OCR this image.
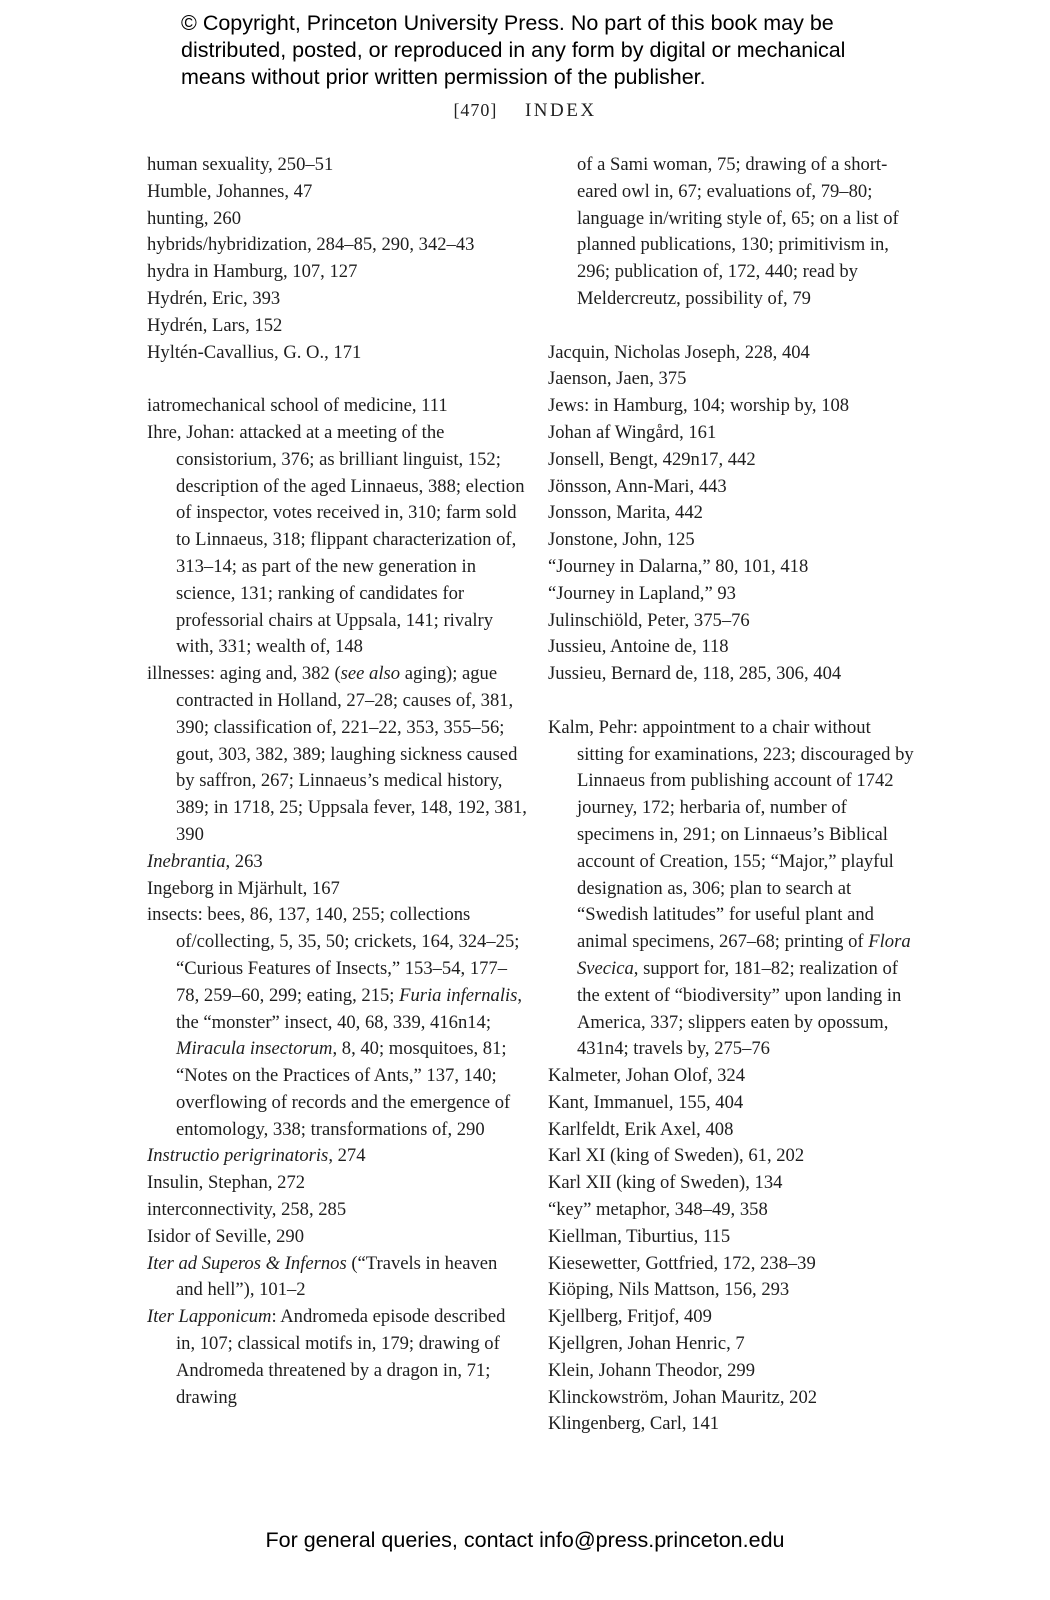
© Copyright, Princeton University Press. No part of this book may be
distributed, posted, or reproduced in any form by digital or mechanical
means without prior written permission of the publisher.
[470] INDEX

human sexuality, 250–51

Humble, Johannes, 47

hunting, 260

hybrids/hybridization, 284–85, 290, 342–43

hydra in Hamburg, 107, 127

Hydrén, Eric, 393

Hydrén, Lars, 152

Hyltén-Cavallius, G. O., 171

iatromechanical school of medicine, 111

Ihre, Johan: attacked at a meeting of the consistorium, 376; as brilliant linguist, 152; description of the aged Linnaeus, 388; election of inspector, votes received in, 310; farm sold to Linnaeus, 318; flippant characterization of, 313–14; as part of the new generation in science, 131; ranking of candidates for professorial chairs at Uppsala, 141; rivalry with, 331; wealth of, 148

illnesses: aging and, 382 (see also aging); ague contracted in Holland, 27–28; causes of, 381, 390; classification of, 221–22, 353, 355–56; gout, 303, 382, 389; laughing sickness caused by saffron, 267; Linnaeus’s medical history, 389; in 1718, 25; Uppsala fever, 148, 192, 381, 390

Inebrantia, 263

Ingeborg in Mjärhult, 167

insects: bees, 86, 137, 140, 255; collections of/collecting, 5, 35, 50; crickets, 164, 324–25; “Curious Features of Insects,” 153–54, 177–78, 259–60, 299; eating, 215; Furia infernalis, the “monster” insect, 40, 68, 339, 416n14; Miracula insectorum, 8, 40; mosquitoes, 81; “Notes on the Practices of Ants,” 137, 140; overflowing of records and the emergence of entomology, 338; transformations of, 290

Instructio perigrinatoris, 274

Insulin, Stephan, 272

interconnectivity, 258, 285

Isidor of Seville, 290

Iter ad Superos & Infernos (“Travels in heaven and hell”), 101–2

Iter Lapponicum: Andromeda episode described in, 107; classical motifs in, 179; drawing of Andromeda threatened by a dragon in, 71; drawing

of a Sami woman, 75; drawing of a short-eared owl in, 67; evaluations of, 79–80; language in/writing style of, 65; on a list of planned publications, 130; primitivism in, 296; publication of, 172, 440; read by Meldercreutz, possibility of, 79

Jacquin, Nicholas Joseph, 228, 404

Jaenson, Jaen, 375

Jews: in Hamburg, 104; worship by, 108

Johan af Wingård, 161

Jonsell, Bengt, 429n17, 442

Jönsson, Ann-Mari, 443

Jonsson, Marita, 442

Jonstone, John, 125

“Journey in Dalarna,” 80, 101, 418

“Journey in Lapland,” 93

Julinschiöld, Peter, 375–76

Jussieu, Antoine de, 118

Jussieu, Bernard de, 118, 285, 306, 404

Kalm, Pehr: appointment to a chair without sitting for examinations, 223; discouraged by Linnaeus from publishing account of 1742 journey, 172; herbaria of, number of specimens in, 291; on Linnaeus’s Biblical account of Creation, 155; “Major,” playful designation as, 306; plan to search at “Swedish latitudes” for useful plant and animal specimens, 267–68; printing of Flora Svecica, support for, 181–82; realization of the extent of “biodiversity” upon landing in America, 337; slippers eaten by opossum, 431n4; travels by, 275–76

Kalmeter, Johan Olof, 324

Kant, Immanuel, 155, 404

Karlfeldt, Erik Axel, 408

Karl XI (king of Sweden), 61, 202

Karl XII (king of Sweden), 134

“key” metaphor, 348–49, 358

Kiellman, Tiburtius, 115

Kiesewetter, Gottfried, 172, 238–39

Kiöping, Nils Mattson, 156, 293

Kjellberg, Fritjof, 409

Kjellgren, Johan Henric, 7

Klein, Johann Theodor, 299

Klinckowström, Johan Mauritz, 202

Klingenberg, Carl, 141

For general queries, contact info@press.princeton.edu
